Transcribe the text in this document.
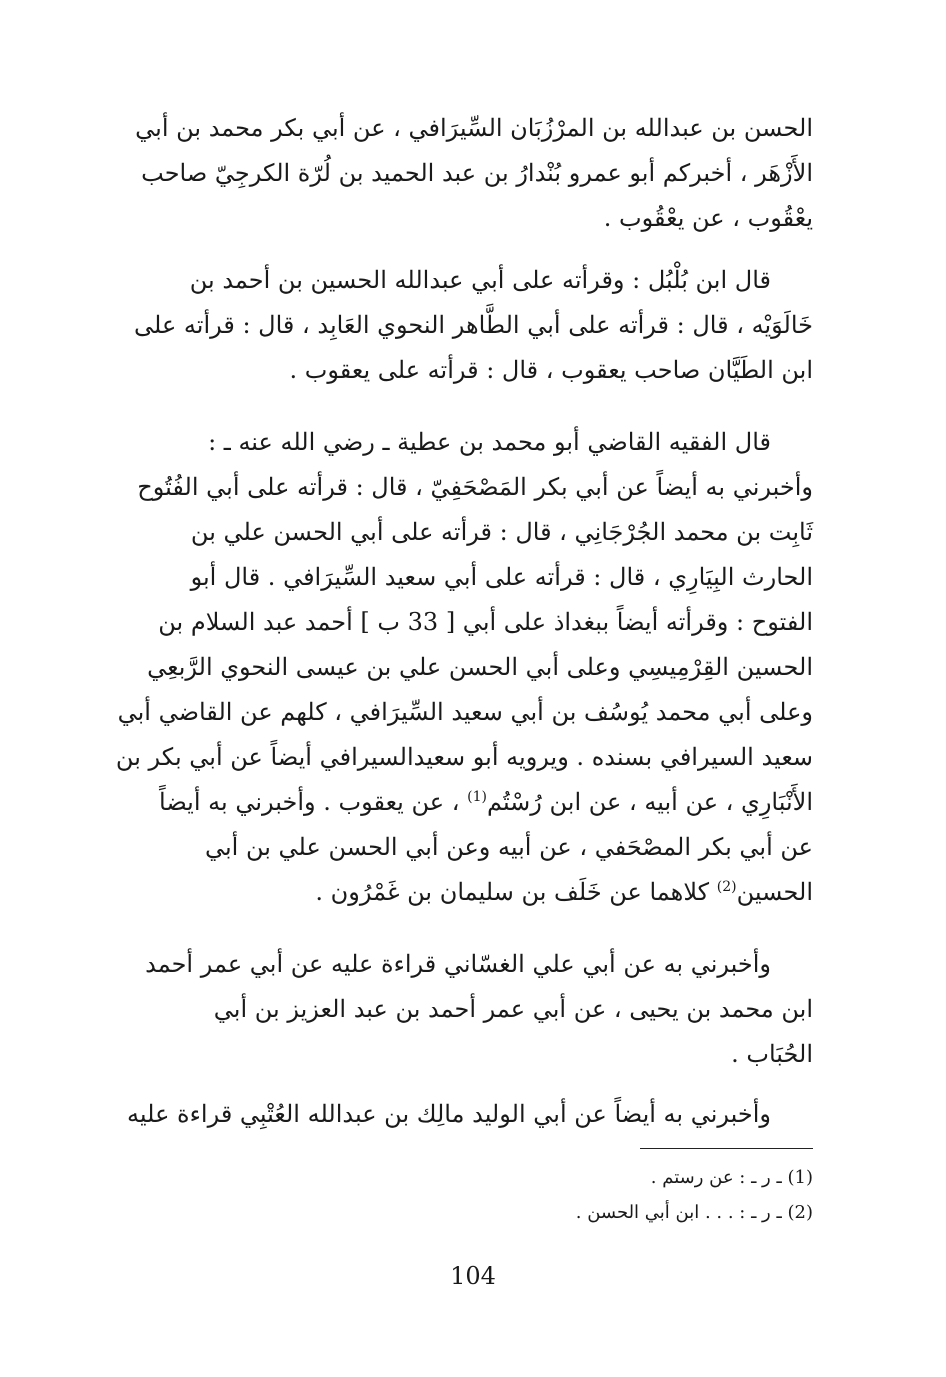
الحسن بن عبدالله بن المرْزُبَان السِّيرَافي ، عن أبي بكر محمد بن أبي

الأَزْهَر ، أخبركم أبو عمرو بُنْدارُ بن عبد الحميد بن لُرّة الكرجِيّ صاحب

يعْقُوب ، عن يعْقُوب .

قال ابن بُلْبُل : وقرأته على أبي عبدالله الحسين بن أحمد بن

خَالَوَيْه ، قال : قرأته على أبي الطَّاهر النحوي العَابِد ، قال : قرأته على

ابن الطَيَّان صاحب يعقوب ، قال : قرأته على يعقوب .

قال الفقيه القاضي أبو محمد بن عطية ـ رضي الله عنه ـ :

وأخبرني به أيضاً عن أبي بكر المَصْحَفِيّ ، قال : قرأته على أبي الفُتُوح

ثَابِت بن محمد الجُرْجَانِي ، قال : قرأته على أبي الحسن علي بن

الحارث البِيَارِي ، قال : قرأته على أبي سعيد السِّيرَافي . قال أبو

الفتوح : وقرأته أيضاً ببغداذ على أبي [ 33 ب ] أحمد عبد السلام بن

الحسين القِرْمِيسِي وعلى أبي الحسن علي بن عيسى النحوي الرَّبعِي

وعلى أبي محمد يُوسُف بن أبي سعيد السِّيرَافي ، كلهم عن القاضي أبي

سعيد السيرافي بسنده . ويرويه أبو سعيدالسيرافي أيضاً عن أبي بكر بن

الأَنْبَارِي ، عن أبيه ، عن ابن رُسْتُم$^{(1)}$ ، عن يعقوب . وأخبرني به أيضاً

عن أبي بكر المصْحَفي ، عن أبيه وعن أبي الحسن علي بن أبي

الحسين$^{(2)}$ كلاهما عن خَلَف بن سليمان بن غَمْرُون .

وأخبرني به عن أبي علي الغسّاني قراءة عليه عن أبي عمر أحمد

ابن محمد بن يحيى ، عن أبي عمر أحمد بن عبد العزيز بن أبي

الحُبَاب .

وأخبرني به أيضاً عن أبي الوليد مالِك بن عبدالله العُتْبِي قراءة عليه

(1) ـ ر ـ : عن رستم .

(2) ـ ر ـ : . . . ابن أبي الحسن .

104
